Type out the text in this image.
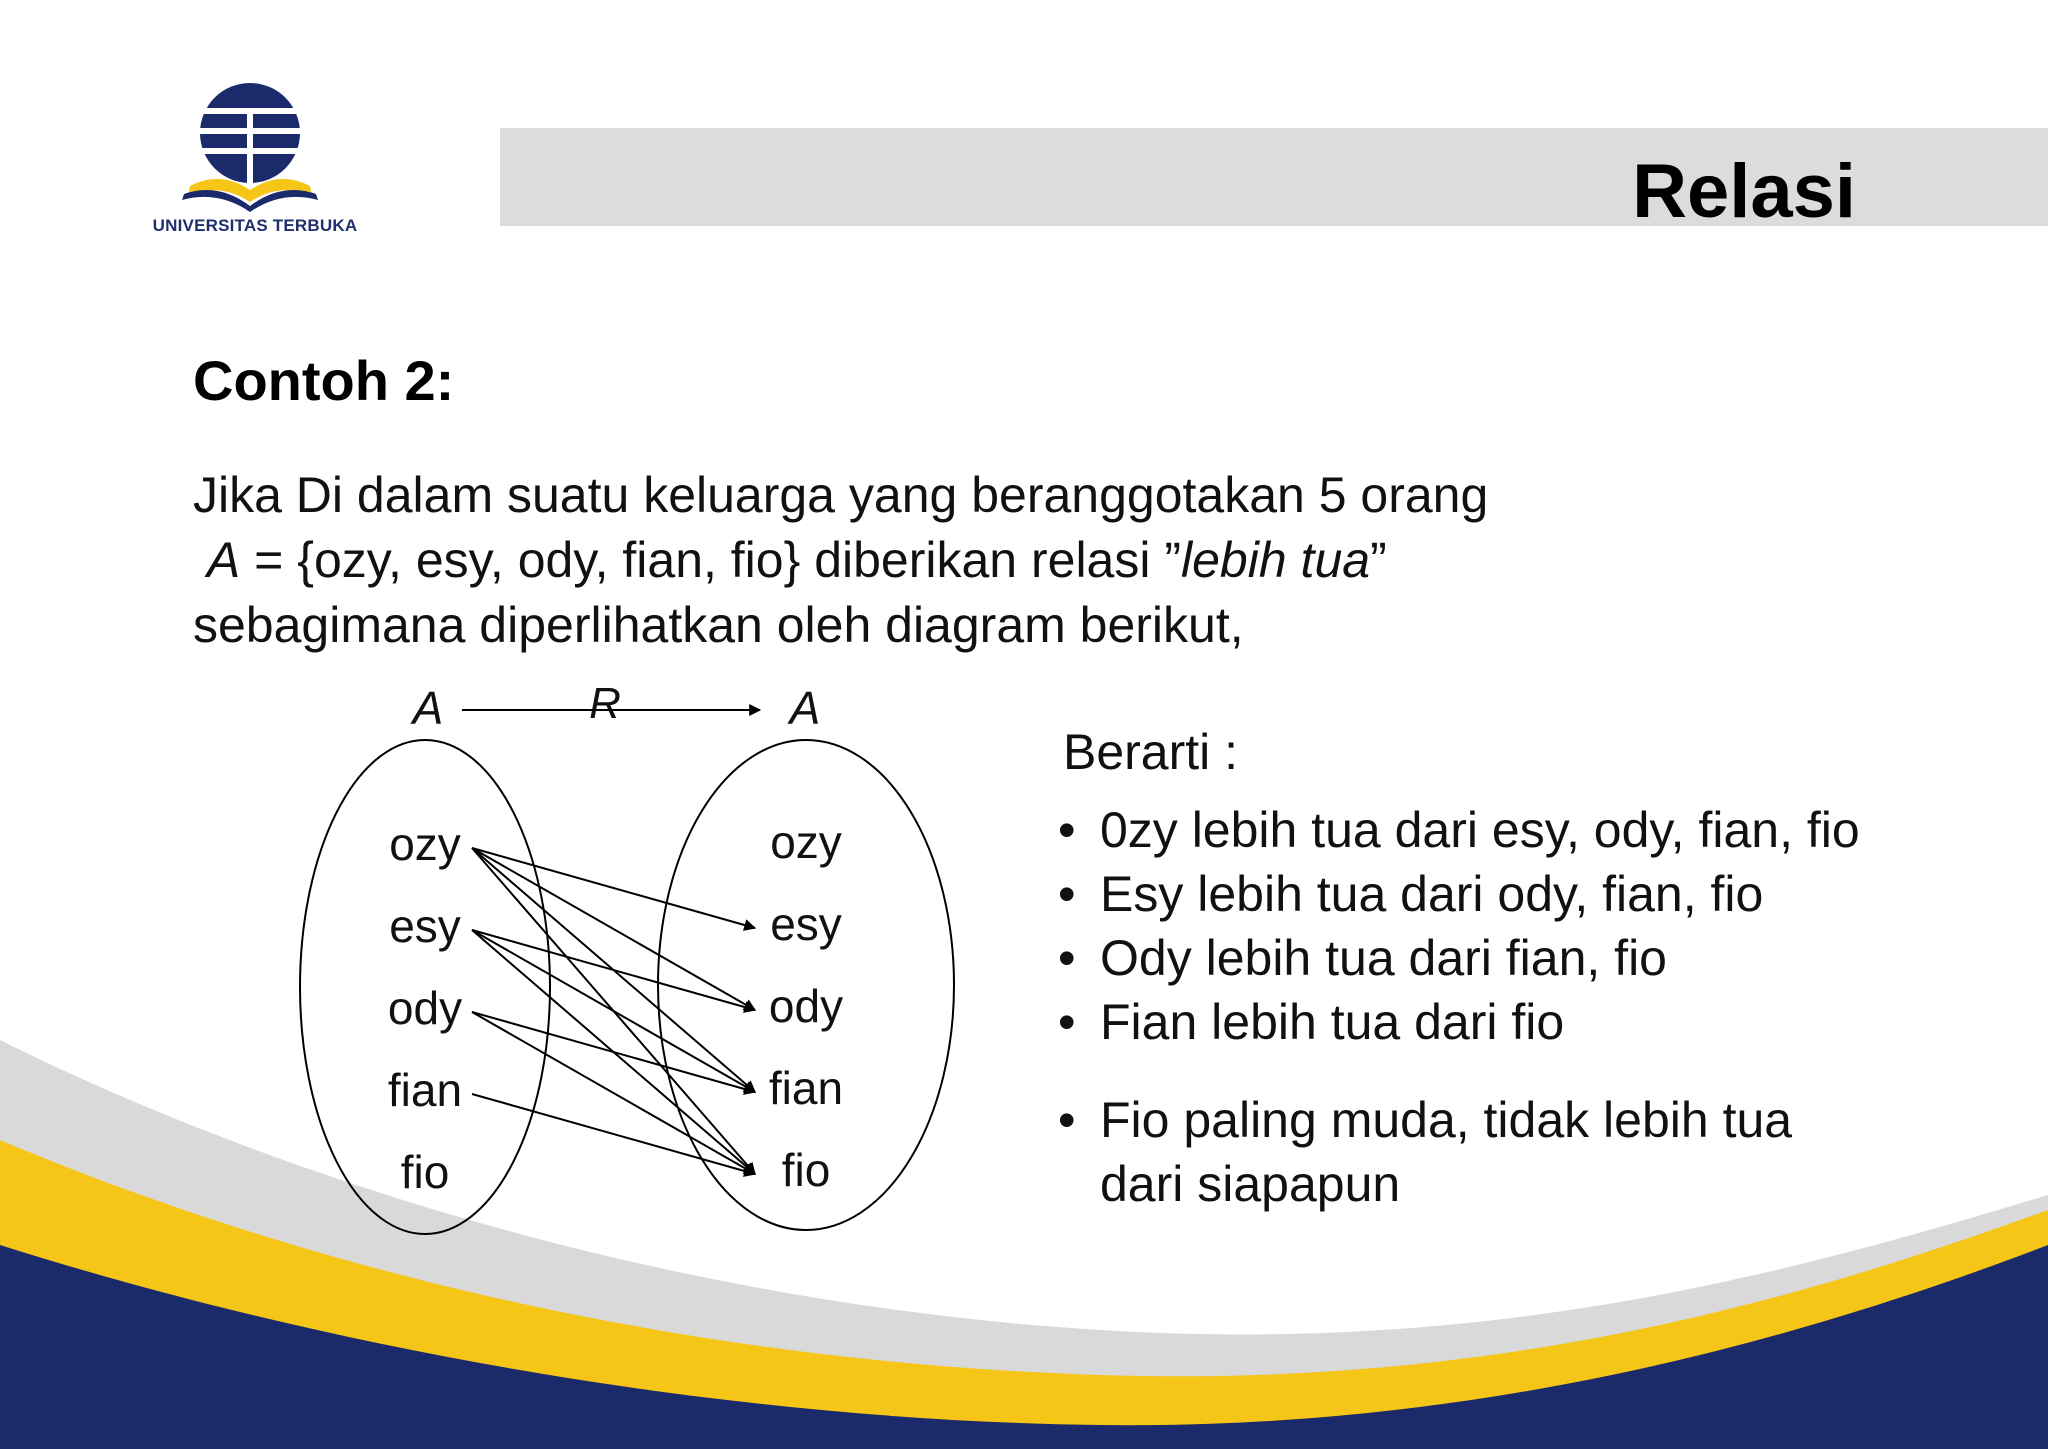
UNIVERSITAS TERBUKA	Relasi
Contoh 2:
Jika Di dalam suatu keluarga yang beranggotakan 5 orang
A = {ozy, esy, ody, fian, fio} diberikan relasi ”lebih tua”
sebagimana diperlihatkan oleh diagram berikut,
A	A
R
ozy
esy
ody
fian
fio
ozy
esy
ody
fian
fio
Berarti :
• 0zy lebih tua dari esy, ody, fian, fio
• Esy lebih tua dari ody, fian, fio
• Ody lebih tua dari fian, fio
• Fian lebih tua dari fio
• Fio paling muda, tidak lebih tua
dari siapapun
